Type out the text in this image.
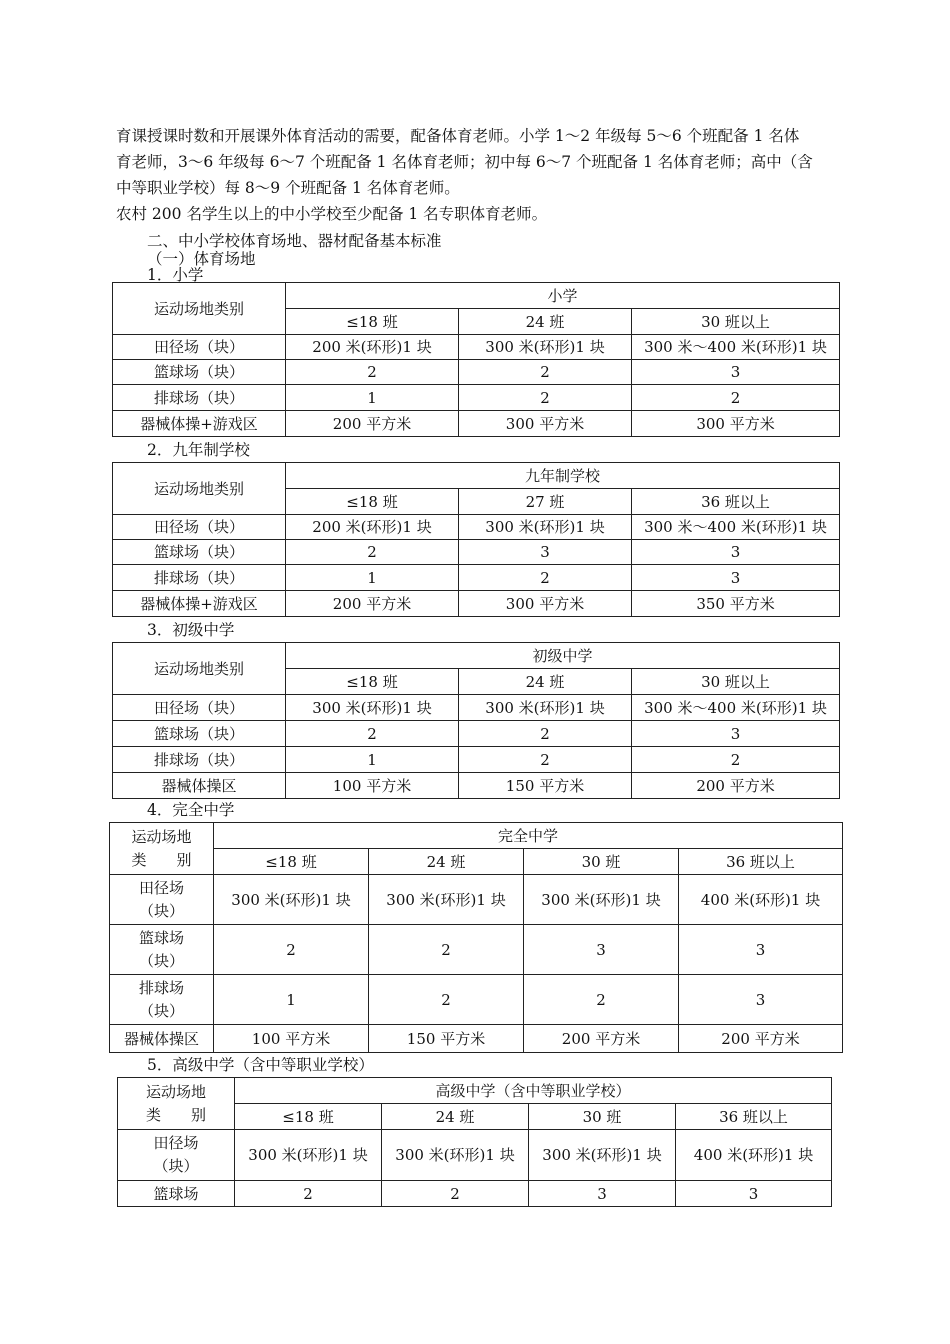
育课授课时数和开展课外体育活动的需要，配备体育老师。小学 1～2 年级每 5～6 个班配备 1 名体

育老师，3～6 年级每 6～7 个班配备 1 名体育老师；初中每 6～7 个班配备 1 名体育老师；高中（含

中等职业学校）每 8～9 个班配备 1 名体育老师。

农村 200 名学生以上的中小学校至少配备 1 名专职体育老师。

二、中小学校体育场地、器材配备基本标准

（一）体育场地

1．小学

运动场地类别	小学		
	≤18 班	24 班	30 班以上
田径场（块）	200 米(环形)1 块	300 米(环形)1 块	300 米～400 米(环形)1 块
篮球场（块）	2	2	3
排球场（块）	1	2	2
器械体操+游戏区	200 平方米	300 平方米	300 平方米

2．九年制学校

运动场地类别	九年制学校		
	≤18 班	27 班	36 班以上
田径场（块）	200 米(环形)1 块	300 米(环形)1 块	300 米～400 米(环形)1 块
篮球场（块）	2	3	3
排球场（块）	1	2	3
器械体操+游戏区	200 平方米	300 平方米	350 平方米

3．初级中学

运动场地类别	初级中学		
	≤18 班	24 班	30 班以上
田径场（块）	300 米(环形)1 块	300 米(环形)1 块	300 米～400 米(环形)1 块
篮球场（块）	2	2	3
排球场（块）	1	2	2
器械体操区	100 平方米	150 平方米	200 平方米

4．完全中学

运动场地
类　　别	完全中学			
	≤18 班	24 班	30 班	36 班以上

田径场
（块）	300 米(环形)1 块	300 米(环形)1 块	300 米(环形)1 块	400 米(环形)1 块

篮球场
（块）	2	2	3	3

排球场
（块）	1	2	2	3
器械体操区	100 平方米	150 平方米	200 平方米	200 平方米

5．高级中学（含中等职业学校）

运动场地
类　　别	高级中学（含中等职业学校）			
	≤18 班	24 班	30 班	36 班以上

田径场
（块）	300 米(环形)1 块	300 米(环形)1 块	300 米(环形)1 块	400 米(环形)1 块
篮球场	2	2	3	3
